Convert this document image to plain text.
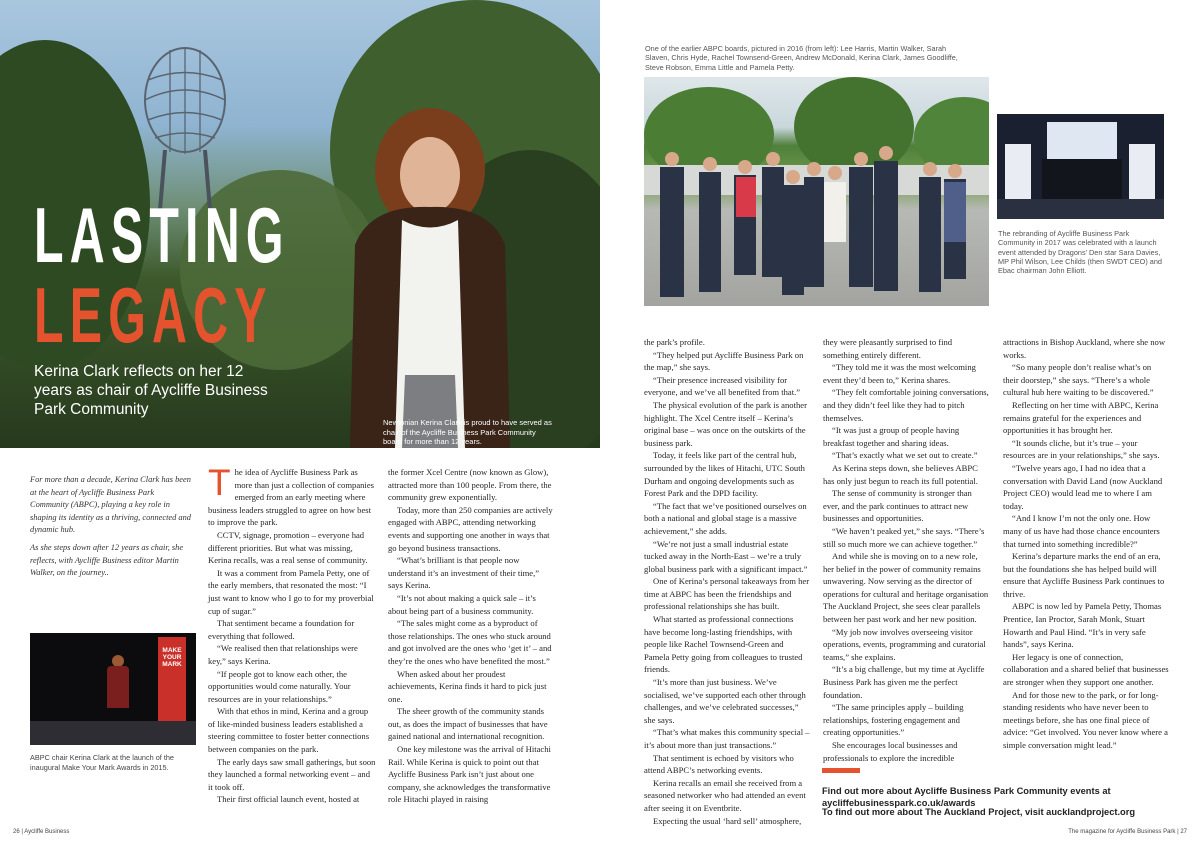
LASTING
LEGACY
Kerina Clark reflects on her 12 years as chair of Aycliffe Business Park Community
Newtonian Kerina Clark is proud to have served as chair of the Aycliffe Business Park Community board for more than 12 years.

For more than a decade, Kerina Clark has been at the heart of Aycliffe Business Park Community (ABPC), playing a key role in shaping its identity as a thriving, connected and dynamic hub.

As she steps down after 12 years as chair, she reflects, with Aycliffe Business editor Martin Walker, on the journey..

The idea of Aycliffe Business Park as more than just a collection of companies emerged from an early meeting where business leaders struggled to agree on how best to improve the park.

CCTV, signage, promotion – everyone had different priorities. But what was missing, Kerina recalls, was a real sense of community.

It was a comment from Pamela Petty, one of the early members, that resonated the most: “I just want to know who I go to for my proverbial cup of sugar.”

That sentiment became a foundation for everything that followed.

“We realised then that relationships were key,” says Kerina.

“If people got to know each other, the opportunities would come naturally. Your resources are in your relationships.”

With that ethos in mind, Kerina and a group of like-minded business leaders established a steering committee to foster better connections between companies on the park.

The early days saw small gatherings, but soon they launched a formal networking event – and it took off.

Their first official launch event, hosted at

the former Xcel Centre (now known as Glow), attracted more than 100 people. From there, the community grew exponentially.

Today, more than 250 companies are actively engaged with ABPC, attending networking events and supporting one another in ways that go beyond business transactions.

“What’s brilliant is that people now understand it’s an investment of their time,” says Kerina.

“It’s not about making a quick sale – it’s about being part of a business community.

“The sales might come as a byproduct of those relationships. The ones who stuck around and got involved are the ones who ‘get it’ – and they’re the ones who have benefited the most.”

When asked about her proudest achievements, Kerina finds it hard to pick just one.

The sheer growth of the community stands out, as does the impact of businesses that have gained national and international recognition.

One key milestone was the arrival of Hitachi Rail. While Kerina is quick to point out that Aycliffe Business Park isn’t just about one company, she acknowledges the transformative role Hitachi played in raising

MAKE YOUR MARK
ABPC chair Kerina Clark at the launch of the inaugural Make Your Mark Awards in 2015.
One of the earlier ABPC boards, pictured in 2016 (from left): Lee Harris, Martin Walker, Sarah Slaven, Chris Hyde, Rachel Townsend-Green, Andrew McDonald, Kerina Clark, James Goodliffe, Steve Robson, Emma Little and Pamela Petty.
The rebranding of Aycliffe Business Park Community in 2017 was celebrated with a launch event attended by Dragons’ Den star Sara Davies, MP Phil Wilson, Lee Childs (then SWDT CEO) and Ebac chairman John Elliott.

the park’s profile.

“They helped put Aycliffe Business Park on the map,” she says.

“Their presence increased visibility for everyone, and we’ve all benefited from that.”

The physical evolution of the park is another highlight. The Xcel Centre itself – Kerina’s original base – was once on the outskirts of the business park.

Today, it feels like part of the central hub, surrounded by the likes of Hitachi, UTC South Durham and ongoing developments such as Forest Park and the DPD facility.

“The fact that we’ve positioned ourselves on both a national and global stage is a massive achievement,” she adds.

“We’re not just a small industrial estate tucked away in the North-East – we’re a truly global business park with a significant impact.”

One of Kerina’s personal takeaways from her time at ABPC has been the friendships and professional relationships she has built.

What started as professional connections have become long-lasting friendships, with people like Rachel Townsend-Green and Pamela Petty going from colleagues to trusted friends.

“It’s more than just business. We’ve socialised, we’ve supported each other through challenges, and we’ve celebrated successes,” she says.

“That’s what makes this community special – it’s about more than just transactions.”

That sentiment is echoed by visitors who attend ABPC’s networking events.

Kerina recalls an email she received from a seasoned networker who had attended an event after seeing it on Eventbrite.

Expecting the usual ‘hard sell’ atmosphere,

they were pleasantly surprised to find something entirely different.

“They told me it was the most welcoming event they’d been to,” Kerina shares.

“They felt comfortable joining conversations, and they didn’t feel like they had to pitch themselves.

“It was just a group of people having breakfast together and sharing ideas.

“That’s exactly what we set out to create.”

As Kerina steps down, she believes ABPC has only just begun to reach its full potential.

The sense of community is stronger than ever, and the park continues to attract new businesses and opportunities.

“We haven’t peaked yet,” she says. “There’s still so much more we can achieve together.”

And while she is moving on to a new role, her belief in the power of community remains unwavering. Now serving as the director of operations for cultural and heritage organisation The Auckland Project, she sees clear parallels between her past work and her new position.

“My job now involves overseeing visitor operations, events, programming and curatorial teams,” she explains.

“It’s a big challenge, but my time at Aycliffe Business Park has given me the perfect foundation.

“The same principles apply – building relationships, fostering engagement and creating opportunities.”

She encourages local businesses and professionals to explore the incredible

attractions in Bishop Auckland, where she now works.

“So many people don’t realise what’s on their doorstep,” she says. “There’s a whole cultural hub here waiting to be discovered.”

Reflecting on her time with ABPC, Kerina remains grateful for the experiences and opportunities it has brought her.

“It sounds cliche, but it’s true – your resources are in your relationships,” she says.

“Twelve years ago, I had no idea that a conversation with David Land (now Auckland Project CEO) would lead me to where I am today.

“And I know I’m not the only one. How many of us have had those chance encounters that turned into something incredible?”

Kerina’s departure marks the end of an era, but the foundations she has helped build will ensure that Aycliffe Business Park continues to thrive.

ABPC is now led by Pamela Petty, Thomas Prentice, Ian Proctor, Sarah Monk, Stuart Howarth and Paul Hind. “It’s in very safe hands”, says Kerina.

Her legacy is one of connection, collaboration and a shared belief that businesses are stronger when they support one another.

And for those new to the park, or for long-standing residents who have never been to meetings before, she has one final piece of advice: “Get involved. You never know where a simple conversation might lead.”

Find out more about Aycliffe Business Park Community events at aycliffebusinesspark.co.uk/awards
To find out more about The Auckland Project, visit aucklandproject.org
26 | Aycliffe Business	The magazine for Aycliffe Business Park | 27
